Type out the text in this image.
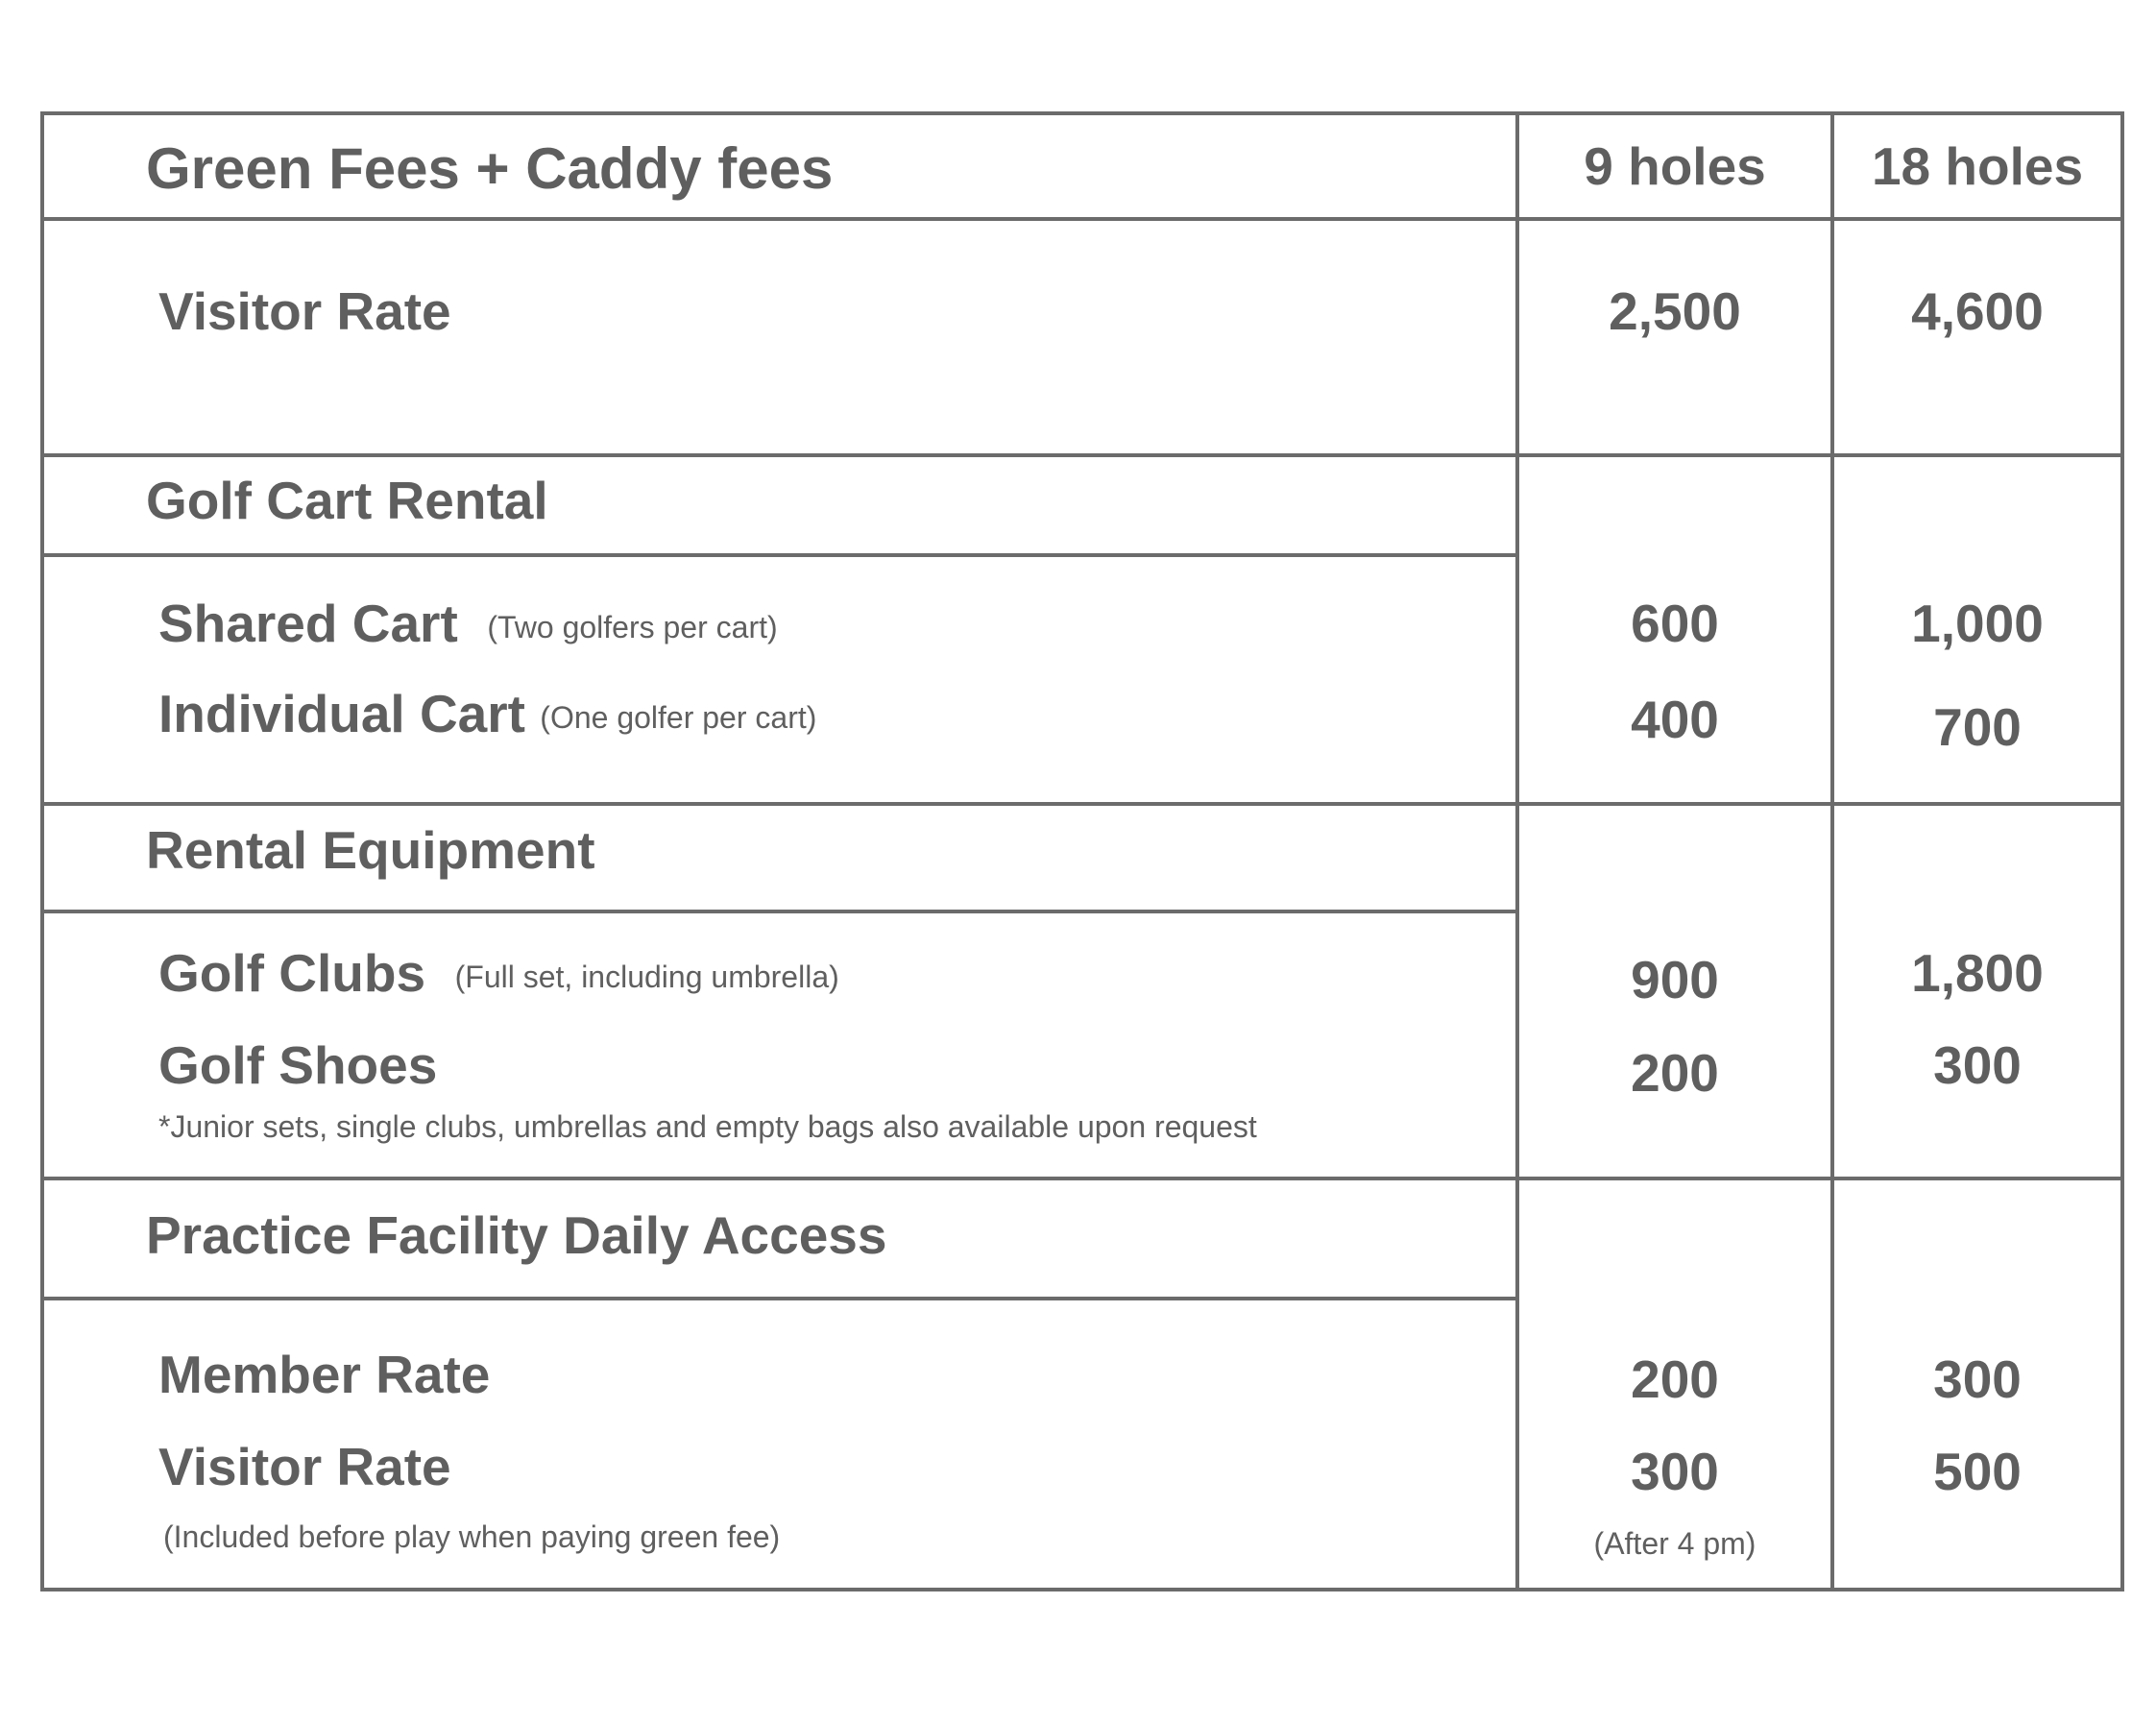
Green Fees + Caddy fees	9 holes	18 holes
Visitor Rate	2,500	4,600
Golf Cart Rental
Shared Cart (Two golfers per cart)	600	1,000
Individual Cart (One golfer per cart)	400	700
Rental Equipment
Golf Clubs (Full set, including umbrella)	900	1,800
Golf Shoes	200	300
*Junior sets, single clubs, umbrellas and empty bags also available upon request
Practice Facility Daily Access
Member Rate	200	300
Visitor Rate	300	500
(Included before play when paying green fee)	(After 4 pm)
